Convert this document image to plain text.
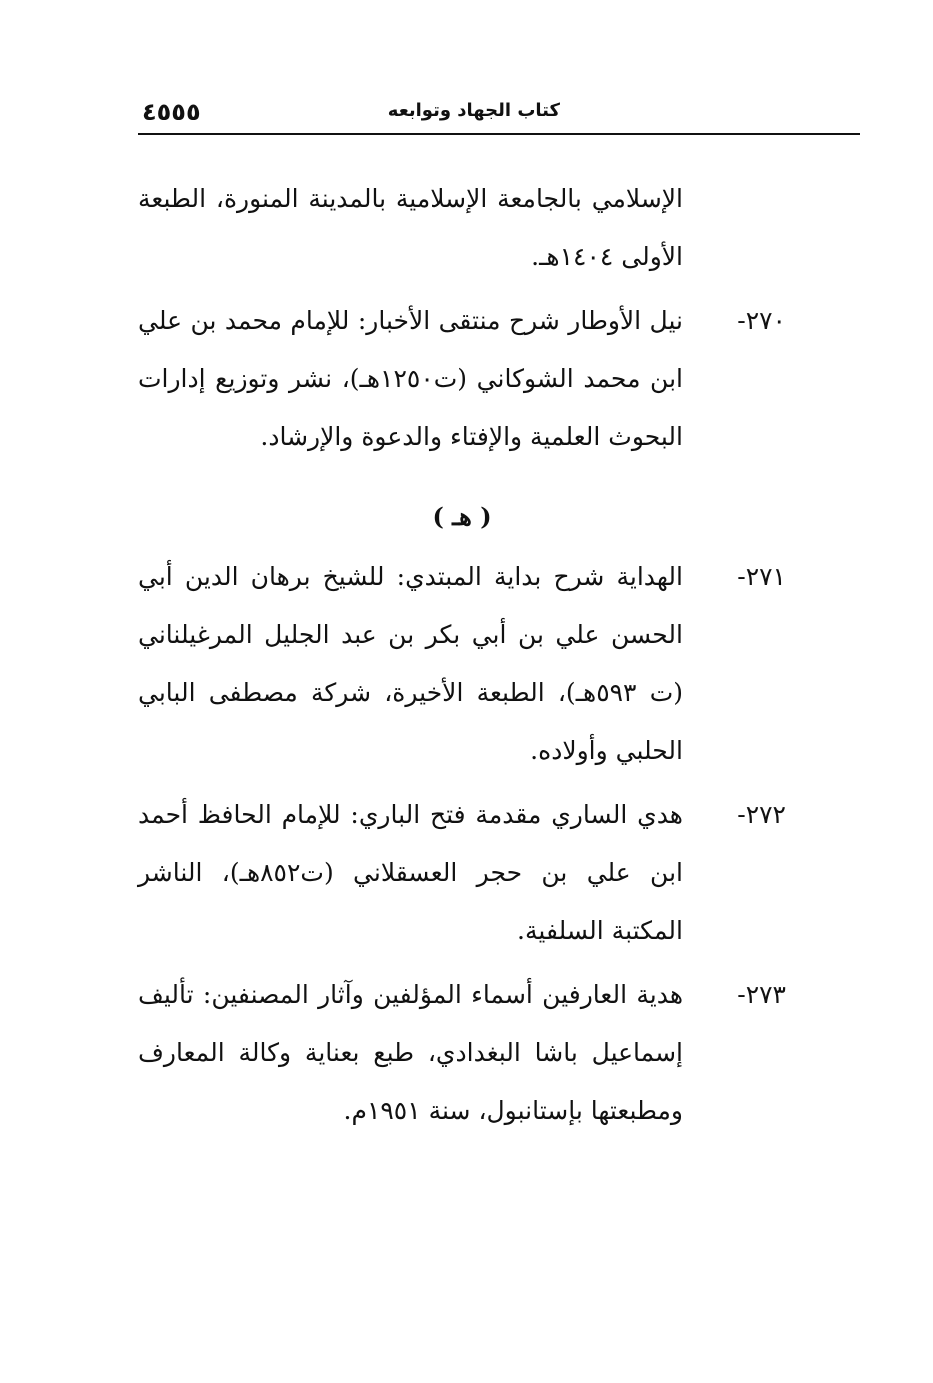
كتاب الجهاد وتوابعه
٤٥٥٥
الإسلامي بالجامعة الإسلامية بالمدينة المنورة، الطبعة الأولى ١٤٠٤هـ.
٢٧٠-
نيل الأوطار شرح منتقى الأخبار: للإمام محمد بن علي ابن محمد الشوكاني (ت١٢٥٠هـ)، نشر وتوزيع إدارات البحوث العلمية والإفتاء والدعوة والإرشاد.
( هـ )
٢٧١-
الهداية شرح بداية المبتدي: للشيخ برهان الدين أبي الحسن علي بن أبي بكر بن عبد الجليل المرغيلناني (ت ٥٩٣هـ)، الطبعة الأخيرة، شركة مصطفى البابي الحلبي وأولاده.
٢٧٢-
هدي الساري مقدمة فتح الباري: للإمام الحافظ أحمد ابن علي بن حجر العسقلاني (ت٨٥٢هـ)، الناشر المكتبة السلفية.
٢٧٣-
هدية العارفين أسماء المؤلفين وآثار المصنفين: تأليف إسماعيل باشا البغدادي، طبع بعناية وكالة المعارف ومطبعتها بإستانبول، سنة ١٩٥١م.
